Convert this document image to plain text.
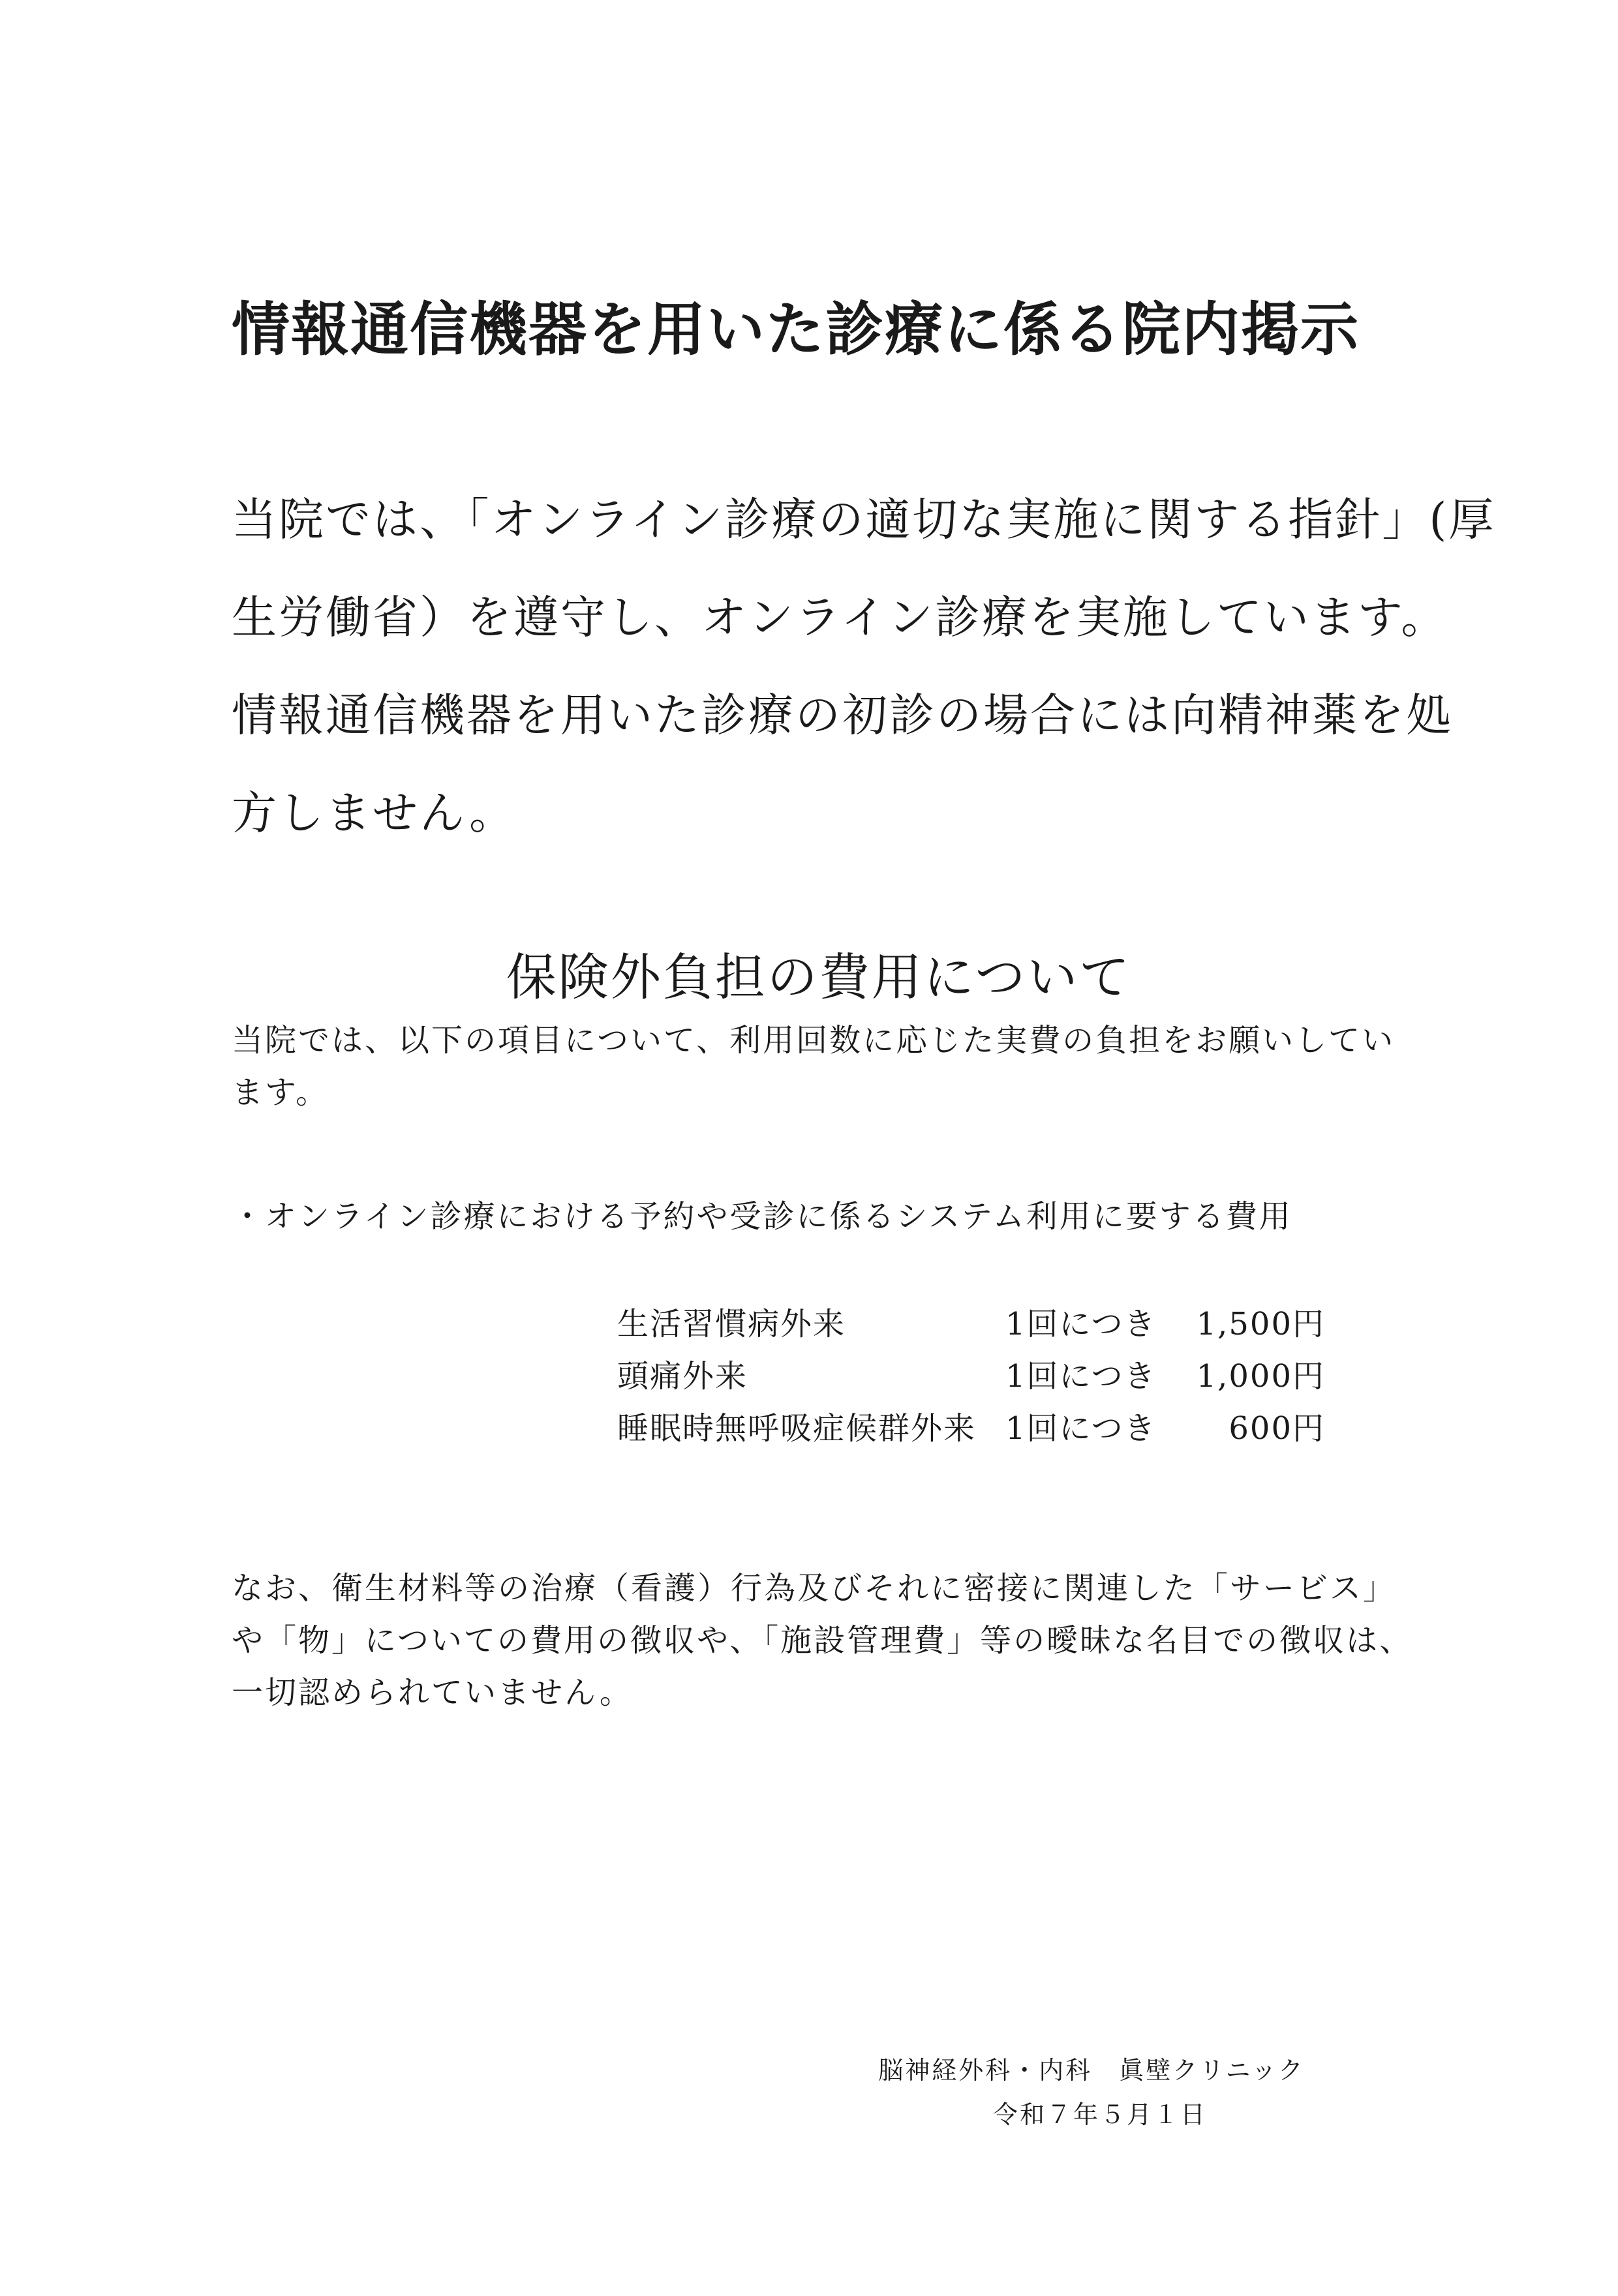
情報通信機器を用いた診療に係る院内掲示

当院では、「オンライン診療の適切な実施に関する指針」(厚

生労働省）を遵守し、オンライン診療を実施しています。

情報通信機器を用いた診療の初診の場合には向精神薬を処

方しません。

保険外負担の費用について

当院では、以下の項目について、利用回数に応じた実費の負担をお願いしてい

ます。

・オンライン診療における予約や受診に係るシステム利用に要する費用

生活習慣病外来	1回につき	1,500円
頭痛外来	1回につき	1,000円
睡眠時無呼吸症候群外来	1回につき	600円

なお、衛生材料等の治療（看護）行為及びそれに密接に関連した「サービス」

や「物」についての費用の徴収や、「施設管理費」等の曖昧な名目での徴収は、

一切認められていません。

脳神経外科・内科　眞壁クリニック
令和７年５月１日
